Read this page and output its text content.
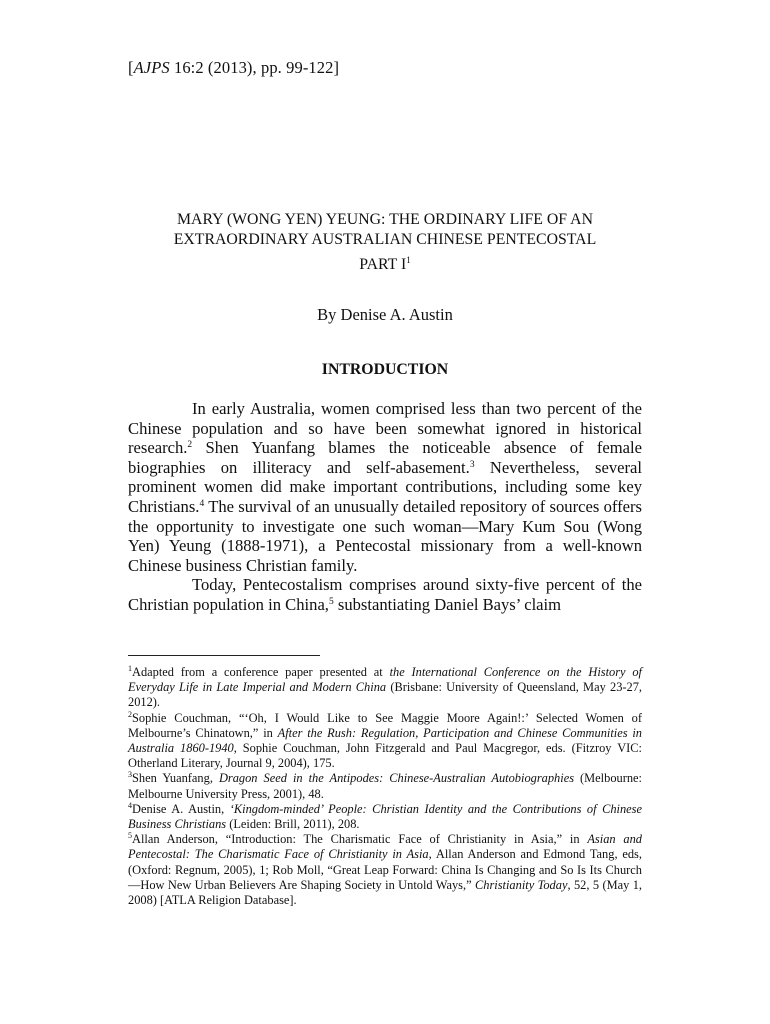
[AJPS 16:2 (2013), pp. 99-122]
MARY (WONG YEN) YEUNG: THE ORDINARY LIFE OF AN
EXTRAORDINARY AUSTRALIAN CHINESE PENTECOSTAL
PART $I^1$
By Denise A. Austin
INTRODUCTION

In early Australia, women comprised less than two percent of the Chinese population and so have been somewhat ignored in historical research.$^2$ Shen Yuanfang blames the noticeable absence of female biographies on illiteracy and self-abasement.$^3$ Nevertheless, several prominent women did make important contributions, including some key Christians.$^4$ The survival of an unusually detailed repository of sources offers the opportunity to investigate one such woman—Mary Kum Sou (Wong Yen) Yeung (1888-1971), a Pentecostal missionary from a well-known Chinese business Christian family.

Today, Pentecostalism comprises around sixty-five percent of the Christian population in China,$^5$ substantiating Daniel Bays’ claim

$^1$Adapted from a conference paper presented at the International Conference on the History of Everyday Life in Late Imperial and Modern China (Brisbane: University of Queensland, May 23-27, 2012).

$^2$Sophie Couchman, “‘Oh, I Would Like to See Maggie Moore Again!:’ Selected Women of Melbourne’s Chinatown,” in After the Rush: Regulation, Participation and Chinese Communities in Australia 1860-1940, Sophie Couchman, John Fitzgerald and Paul Macgregor, eds. (Fitzroy VIC: Otherland Literary, Journal 9, 2004), 175.

$^3$Shen Yuanfang, Dragon Seed in the Antipodes: Chinese-Australian Autobiographies (Melbourne: Melbourne University Press, 2001), 48.

$^4$Denise A. Austin, ‘Kingdom-minded’ People: Christian Identity and the Contributions of Chinese Business Christians (Leiden: Brill, 2011), 208.

$^5$Allan Anderson, “Introduction: The Charismatic Face of Christianity in Asia,” in Asian and Pentecostal: The Charismatic Face of Christianity in Asia, Allan Anderson and Edmond Tang, eds, (Oxford: Regnum, 2005), 1; Rob Moll, “Great Leap Forward: China Is Changing and So Is Its Church—How New Urban Believers Are Shaping Society in Untold Ways,” Christianity Today, 52, 5 (May 1, 2008) [ATLA Religion Database].
